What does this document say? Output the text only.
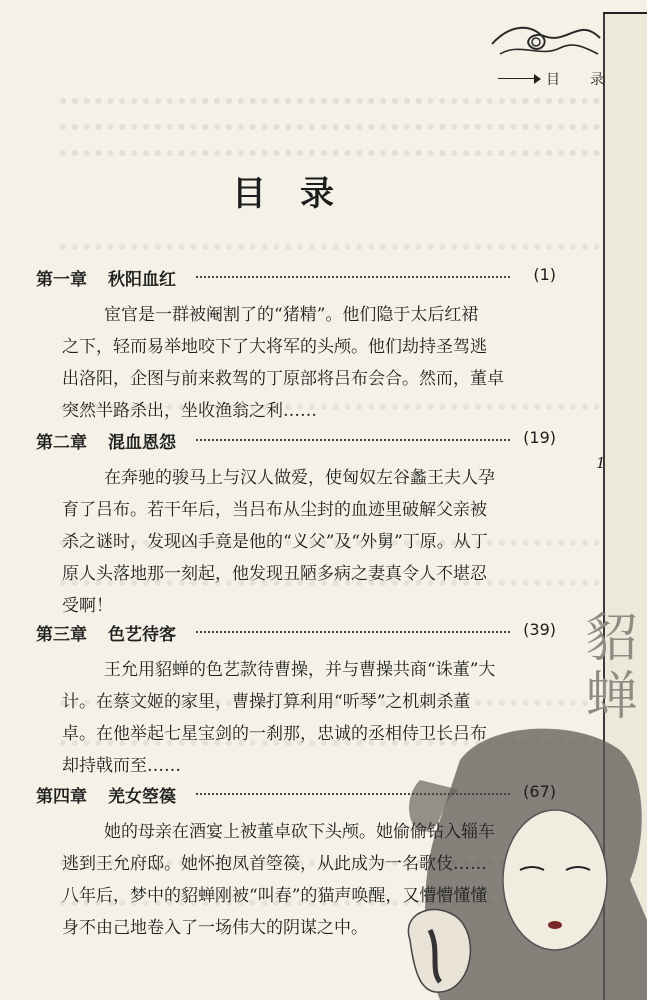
目 录
1
貂蝉
目录
第一章 秋阳血红	(1)
宦官是一群被阉割了的“猪精”。他们隐于太后红裙
之下，轻而易举地咬下了大将军的头颅。他们劫持圣驾逃
出洛阳，企图与前来救驾的丁原部将吕布会合。然而，董卓
突然半路杀出，坐收渔翁之利……
第二章 混血恩怨	(19)
在奔驰的骏马上与汉人做爱，使匈奴左谷蠡王夫人孕
育了吕布。若干年后，当吕布从尘封的血迹里破解父亲被
杀之谜时，发现凶手竟是他的“义父”及“外舅”丁原。从丁
原人头落地那一刻起，他发现丑陋多病之妻真令人不堪忍
受啊！
第三章 色艺待客	(39)
王允用貂蝉的色艺款待曹操，并与曹操共商“诛董”大
计。在蔡文姬的家里，曹操打算利用“听琴”之机刺杀董
卓。在他举起七星宝剑的一刹那，忠诚的丞相侍卫长吕布
却持戟而至……
第四章 羌女箜篌	(67)
她的母亲在酒宴上被董卓砍下头颅。她偷偷钻入辎车
逃到王允府邸。她怀抱凤首箜篌，从此成为一名歌伎……
八年后，梦中的貂蝉刚被“叫春”的猫声唤醒，又懵懵懂懂
身不由己地卷入了一场伟大的阴谋之中。
